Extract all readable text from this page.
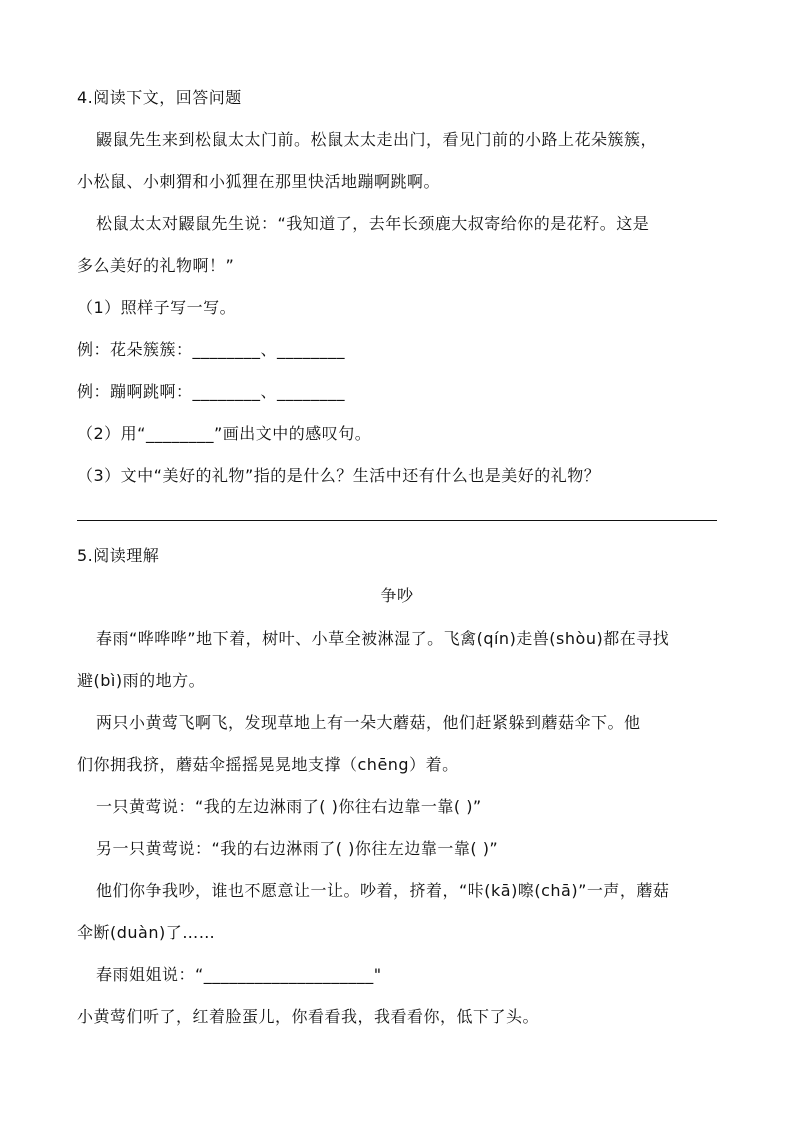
4.阅读下文，回答问题
鼹鼠先生来到松鼠太太门前。松鼠太太走出门，看见门前的小路上花朵簇簇，
小松鼠、小刺猬和小狐狸在那里快活地蹦啊跳啊。
松鼠太太对鼹鼠先生说：“我知道了，去年长颈鹿大叔寄给你的是花籽。这是
多么美好的礼物啊！”
（1）照样子写一写。
例：花朵簇簇：________、________
例：蹦啊跳啊：________、________
（2）用“________”画出文中的感叹句。
（3）文中“美好的礼物”指的是什么？生活中还有什么也是美好的礼物？
5.阅读理解
争吵
春雨“哗哗哗”地下着，树叶、小草全被淋湿了。飞禽(qín)走兽(shòu)都在寻找
避(bì)雨的地方。
两只小黄莺飞啊飞，发现草地上有一朵大蘑菇，他们赶紧躲到蘑菇伞下。他
们你拥我挤，蘑菇伞摇摇晃晃地支撑（chēng）着。
一只黄莺说：“我的左边淋雨了( )你往右边靠一靠( )”
另一只黄莺说：“我的右边淋雨了( )你往左边靠一靠( )”
他们你争我吵，谁也不愿意让一让。吵着，挤着，“咔(kā)嚓(chā)”一声，蘑菇
伞断(duàn)了……
春雨姐姐说：“____________________"
小黄莺们听了，红着脸蛋儿，你看看我，我看看你，低下了头。
